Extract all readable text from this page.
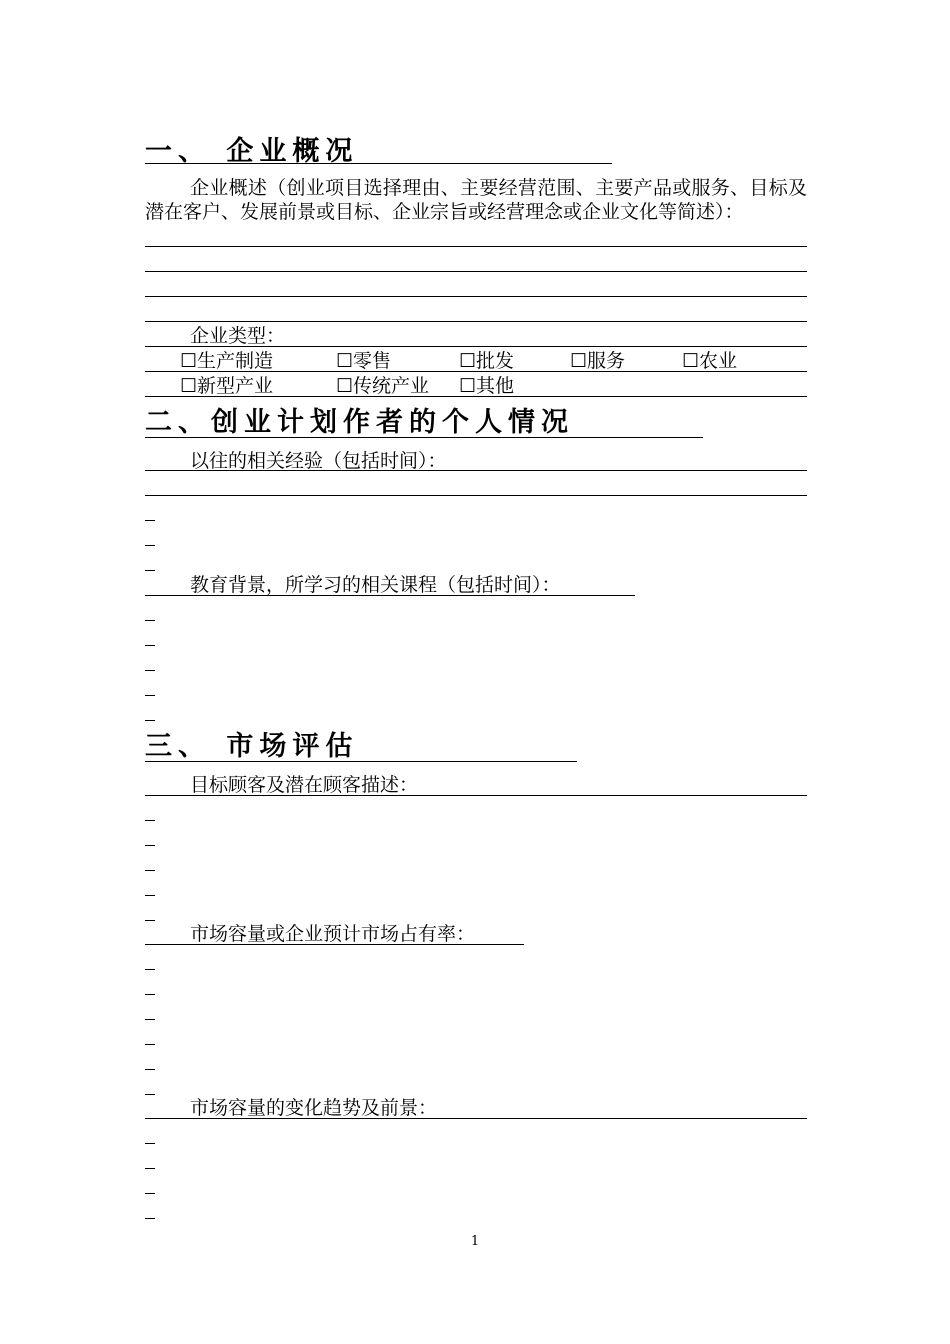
一、 企业概况
企业概述（创业项目选择理由、主要经营范围、主要产品或服务、目标及潜在客户、发展前景或目标、企业宗旨或经营理念或企业文化等简述）：
企业类型：
☐生产制造	☐零售	☐批发	☐服务	☐农业
☐新型产业	☐传统产业 ☐其他
二、创业计划作者的个人情况
以往的相关经验（包括时间）：
教育背景，所学习的相关课程（包括时间）：
三、 市场评估
目标顾客及潜在顾客描述：
市场容量或企业预计市场占有率：
市场容量的变化趋势及前景：
1
